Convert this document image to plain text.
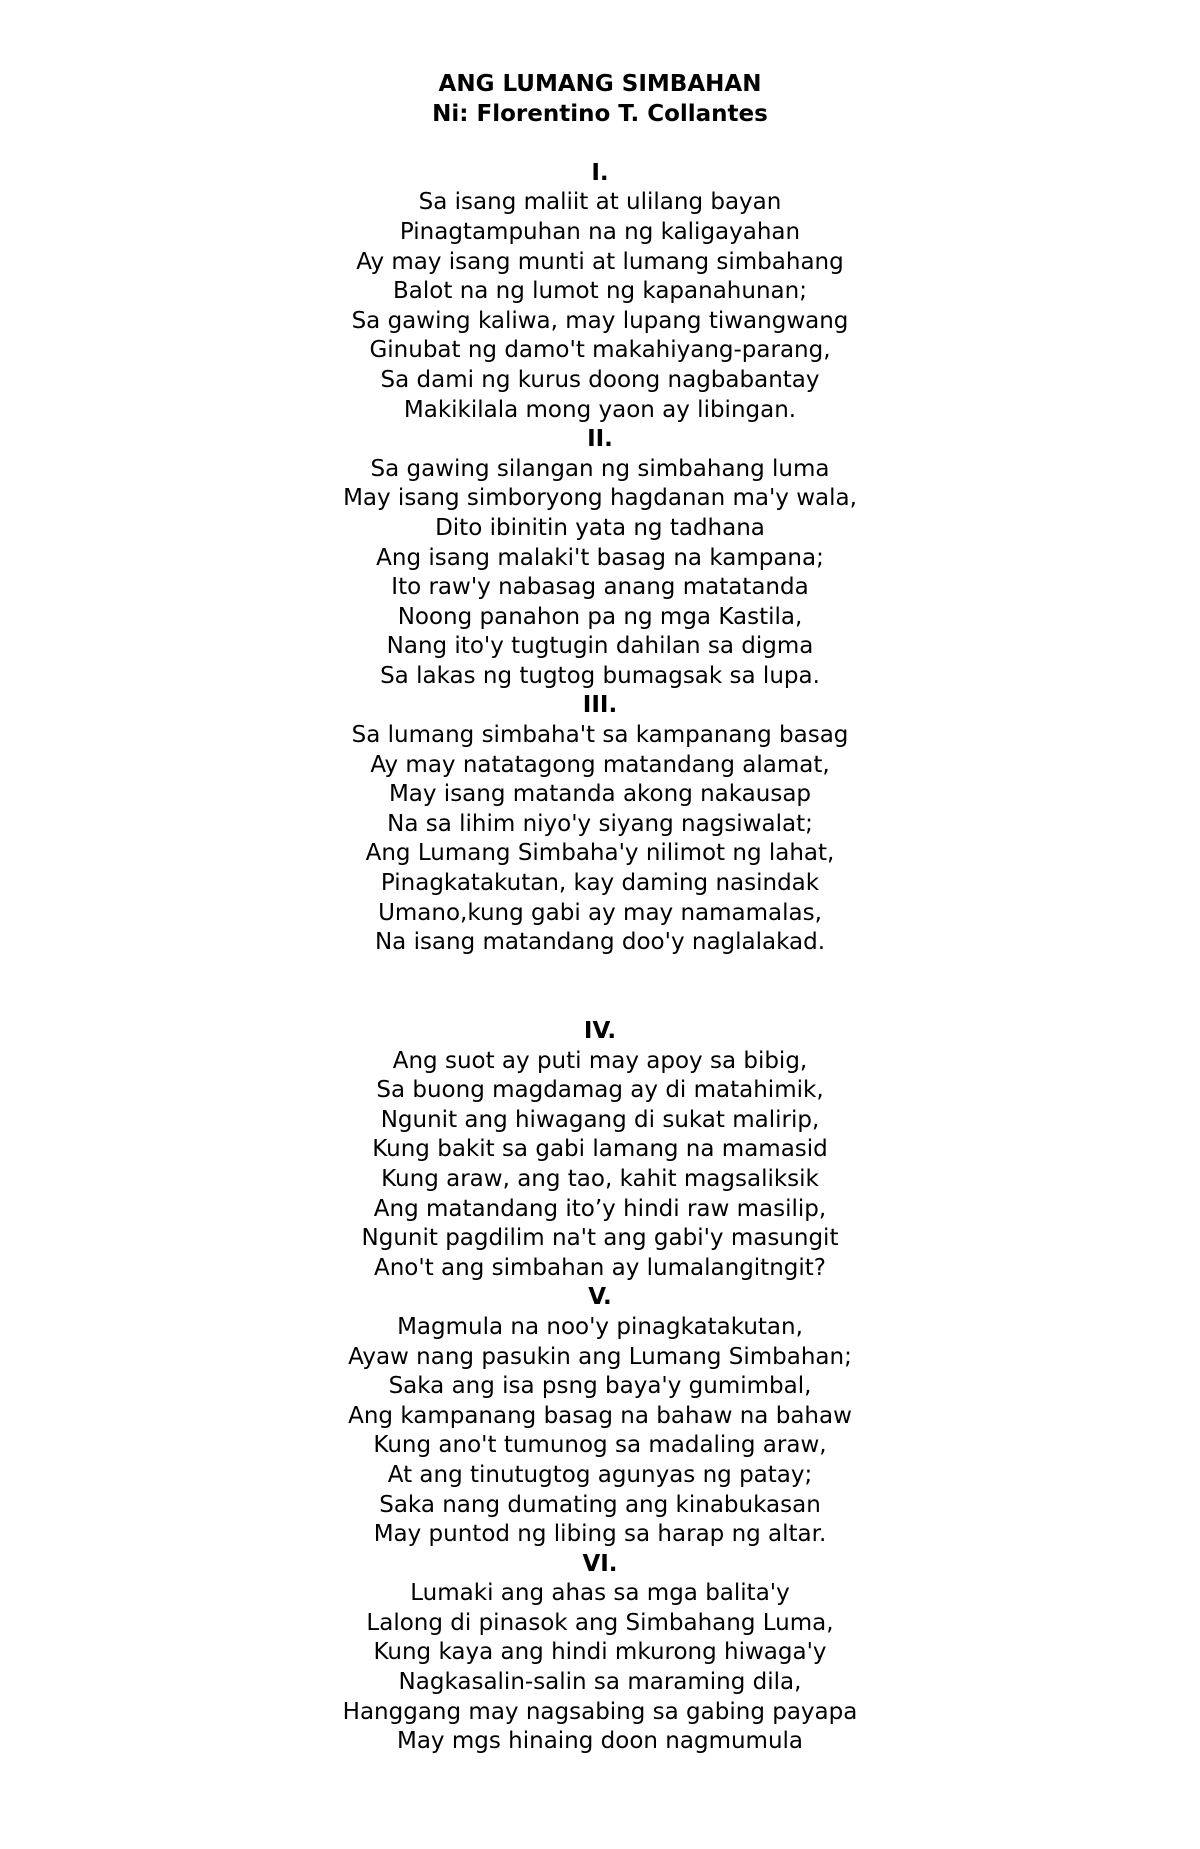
ANG LUMANG SIMBAHAN
Ni: Florentino T. Collantes
I.
Sa isang maliit at ulilang bayan
Pinagtampuhan na ng kaligayahan
Ay may isang munti at lumang simbahang
Balot na ng lumot ng kapanahunan;
Sa gawing kaliwa, may lupang tiwangwang
Ginubat ng damo't makahiyang-parang,
Sa dami ng kurus doong nagbabantay
Makikilala mong yaon ay libingan.
II.
Sa gawing silangan ng simbahang luma
May isang simboryong hagdanan ma'y wala,
Dito ibinitin yata ng tadhana
Ang isang malaki't basag na kampana;
Ito raw'y nabasag anang matatanda
Noong panahon pa ng mga Kastila,
Nang ito'y tugtugin dahilan sa digma
Sa lakas ng tugtog bumagsak sa lupa.
III.
Sa lumang simbaha't sa kampanang basag
Ay may natatagong matandang alamat,
May isang matanda akong nakausap
Na sa lihim niyo'y siyang nagsiwalat;
Ang Lumang Simbaha'y nilimot ng lahat,
Pinagkatakutan, kay daming nasindak
Umano,kung gabi ay may namamalas,
Na isang matandang doo'y naglalakad.
IV.
Ang suot ay puti may apoy sa bibig,
Sa buong magdamag ay di matahimik,
Ngunit ang hiwagang di sukat malirip,
Kung bakit sa gabi lamang na mamasid
Kung araw, ang tao, kahit magsaliksik
Ang matandang ito’y hindi raw masilip,
Ngunit pagdilim na't ang gabi'y masungit
Ano't ang simbahan ay lumalangitngit?
V.
Magmula na noo'y pinagkatakutan,
Ayaw nang pasukin ang Lumang Simbahan;
Saka ang isa psng baya'y gumimbal,
Ang kampanang basag na bahaw na bahaw
Kung ano't tumunog sa madaling araw,
At ang tinutugtog agunyas ng patay;
Saka nang dumating ang kinabukasan
May puntod ng libing sa harap ng altar.
VI.
Lumaki ang ahas sa mga balita'y
Lalong di pinasok ang Simbahang Luma,
Kung kaya ang hindi mkurong hiwaga'y
Nagkasalin-salin sa maraming dila,
Hanggang may nagsabing sa gabing payapa
May mgs hinaing doon nagmumula
